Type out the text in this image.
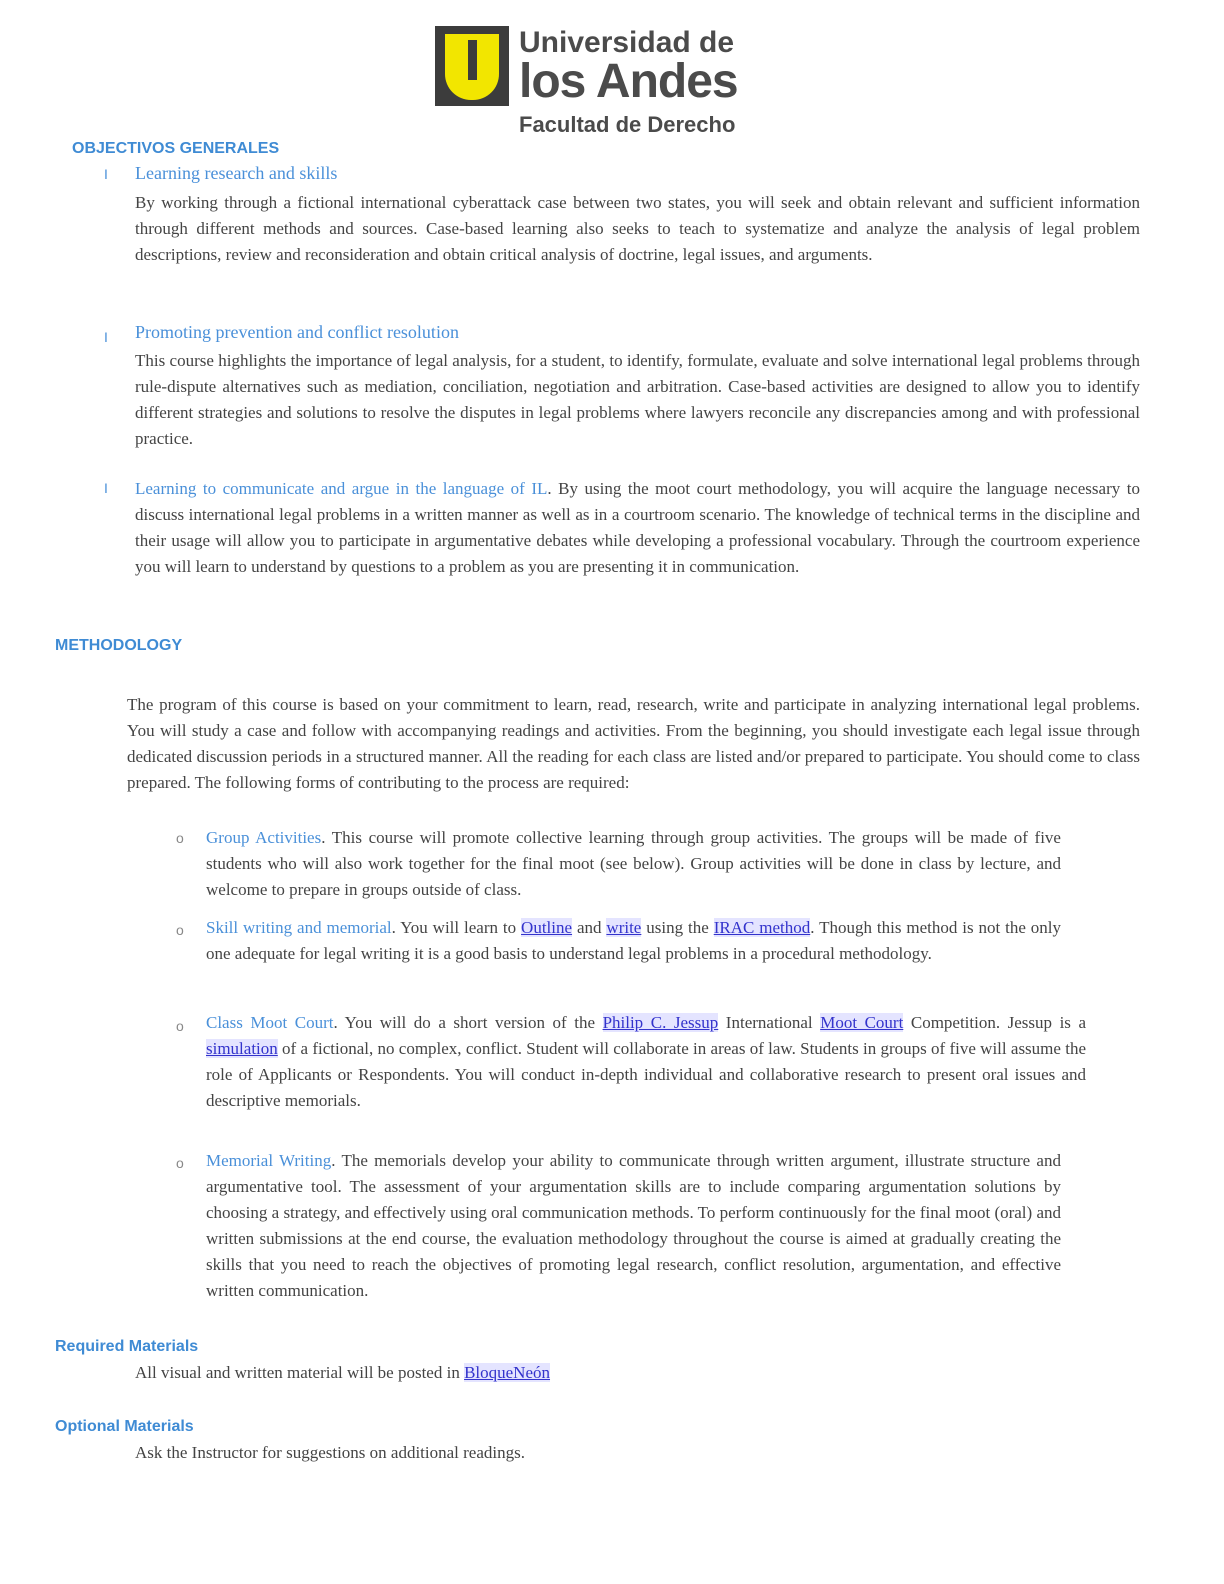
Universidad de
los Andes
Facultad de Derecho
OBJECTIVOS GENERALES
I Learning research and skills

By working through a fictional international cyberattack case between two states, you will seek and obtain relevant and sufficient information through different methods and sources. Case-based learning also seeks to teach to systematize and analyze the analysis of legal problem descriptions, review and reconsideration and obtain critical analysis of doctrine, legal issues, and arguments.

I Promoting prevention and conflict resolution

This course highlights the importance of legal analysis, for a student, to identify, formulate, evaluate and solve international legal problems through rule-dispute alternatives such as mediation, conciliation, negotiation and arbitration. Case-based activities are designed to allow you to identify different strategies and solutions to resolve the disputes in legal problems where lawyers reconcile any discrepancies among and with professional practice.

I Learning to communicate and argue in the language of IL. By using the moot court methodology, you will acquire the language necessary to discuss international legal problems in a written manner as well as in a courtroom scenario. The knowledge of technical terms in the discipline and their usage will allow you to participate in argumentative debates while developing a professional vocabulary. Through the courtroom experience you will learn to understand by questions to a problem as you are presenting it in communication.

METHODOLOGY

The program of this course is based on your commitment to learn, read, research, write and participate in analyzing international legal problems. You will study a case and follow with accompanying readings and activities. From the beginning, you should investigate each legal issue through dedicated discussion periods in a structured manner. All the reading for each class are listed and/or prepared to participate. You should come to class prepared. The following forms of contributing to the process are required:

o Group Activities. This course will promote collective learning through group activities. The groups will be made of five students who will also work together for the final moot (see below). Group activities will be done in class by lecture, and welcome to prepare in groups outside of class.

o Skill writing and memorial. You will learn to Outline and write using the IRAC method. Though this method is not the only one adequate for legal writing it is a good basis to understand legal problems in a procedural methodology.

o Class Moot Court. You will do a short version of the Philip C. Jessup International Moot Court Competition. Jessup is a simulation of a fictional, no complex, conflict. Student will collaborate in areas of law. Students in groups of five will assume the role of Applicants or Respondents. You will conduct in-depth individual and collaborative research to present oral issues and descriptive memorials.

o Memorial Writing. The memorials develop your ability to communicate through written argument, illustrate structure and argumentative tool. The assessment of your argumentation skills are to include comparing argumentation solutions by choosing a strategy, and effectively using oral communication methods. To perform continuously for the final moot (oral) and written submissions at the end course, the evaluation methodology throughout the course is aimed at gradually creating the skills that you need to reach the objectives of promoting legal research, conflict resolution, argumentation, and effective written communication.

Required Materials

All visual and written material will be posted in BloqueNeón

Optional Materials

Ask the Instructor for suggestions on additional readings.
